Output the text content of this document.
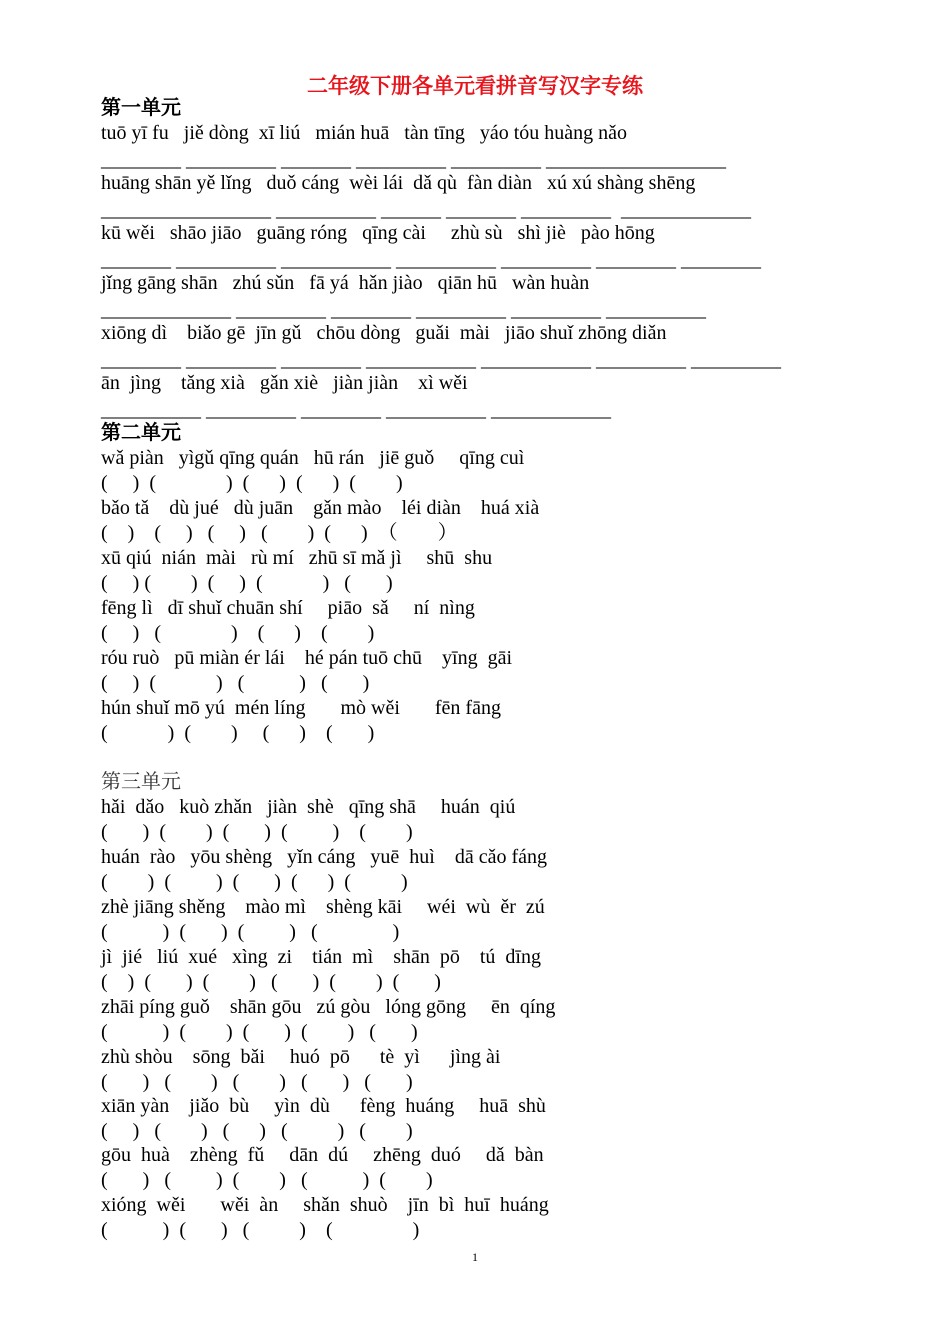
二年级下册各单元看拼音写汉字专练
第一单元
tuō yī fu   jiě dòng  xī liú   mián huā   tàn tīng   yáo tóu huàng nǎo
________ _________ _______ _________ _________ __________________
huāng shān yě lǐng   duǒ cáng  wèi lái  dǎ qù  fàn diàn   xú xú shàng shēng
_________________ __________ ______ _______ _________  _____________
kū wěi   shāo jiāo   guāng róng   qīng cài     zhù sù   shì jiè   pào hōng
_______ __________ ___________ __________ _________ ________ ________
jǐng gāng shān   zhú sǔn   fā yá  hǎn jiào   qiān hū   wàn huàn
_____________ _________ ________ _________ _________ __________
xiōng dì    biǎo gē  jīn gǔ   chōu dòng   guǎi  mài   jiāo shuǐ zhōng diǎn
________ _________ ________ ___________ ___________ _________ _________
ān  jìng    tǎng xià   gǎn xiè   jiàn jiàn    xì wěi
__________ _________ ________ __________ ____________
第二单元
wǎ piàn   yìgǔ qīng quán   hū rán   jiē guǒ     qīng cuì
(     )  (              )  (      )  (      )  (        )
bǎo tǎ    dù jué   dù juān    gǎn mào    léi diàn    huá xià
(    )    (     )   (     )   (        )  (      )  （        ）
xū qiú  nián  mài   rù mí   zhū sī mǎ jì     shū  shu
(     ) (        )  (     )  (            )   (       )
fēng lì   dī shuǐ chuān shí     piāo  sǎ     ní  nìng
(     )   (              )    (      )    (        )
róu ruò   pū miàn ér lái    hé pán tuō chū    yīng  gāi
(     )  (            )   (           )   (       )
hún shuǐ mō yú  mén líng       mò wěi       fēn fāng
(            )  (        )     (      )    (       )
第三单元
hǎi  dǎo   kuò zhǎn   jiàn  shè   qīng shā     huán  qiú
(       )  (        )  (       )  (         )    (        )
huán  rào   yōu shèng   yǐn cáng   yuē  huì    dā cǎo fáng
(        )  (         )  (       )  (      )  (          )
zhè jiāng shěng    mào mì    shèng kāi     wéi  wù  ěr  zú
(           )  (       )  (         )   (               )
jì  jié   liú  xué   xìng  zi    tián  mì    shān  pō    tú  dīng
(    )  (       )  (        )   (       )  (        )  (       )
zhāi píng guǒ    shān gōu   zú gòu   lóng gōng     ēn  qíng
(           )  (        )  (       )  (        )   (       )
zhù shòu    sōng  bǎi     huó  pō      tè  yì      jìng ài
(       )   (        )   (        )   (       )   (       )
xiān yàn    jiǎo  bù     yìn  dù      fèng  huáng     huā  shù
(     )   (        )   (      )   (          )   (        )
gōu  huà    zhèng  fǔ     dān  dú     zhēng  duó     dǎ  bàn
(       )   (         )  (        )   (           )  (        )
xióng  wěi       wěi  àn     shǎn  shuò    jīn  bì  huī  huáng
(           )  (       )   (          )    (                )
1
